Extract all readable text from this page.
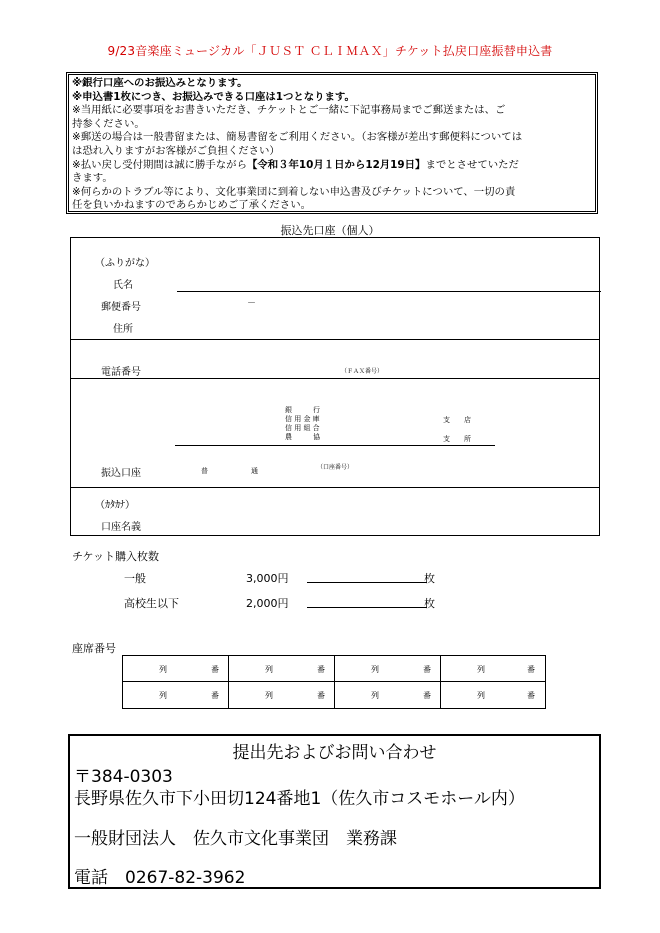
9/23音楽座ミュージカル「ＪＵＳＴ ＣＬＩＭＡＸ」チケット払戻口座振替申込書
※銀行口座へのお振込みとなります。
※申込書1枚につき、お振込みできる口座は1つとなります。
※当用紙に必要事項をお書きいただき、チケットとご一緒に下記事務局までご郵送または、ご
持参ください。
※郵送の場合は一般書留または、簡易書留をご利用ください。（お客様が差出す郵便料については
は恐れ入りますがお客様がご負担ください）
※払い戻し受付期間は誠に勝手ながら【令和３年10月１日から12月19日】までとさせていただ
きます。
※何らかのトラブル等により、文化事業団に到着しない申込書及びチケットについて、一切の責
任を負いかねますのであらかじめご了承ください。
振込先口座（個人）
（ふりがな）
氏名
郵便番号	－
住所
電話番号	（ＦＡＸ番号）
銀　　　行
信 用 金 庫
信 用 組 合
農　　　協
支　　店
支　　所
振込口座	普	通	（口座番号）
（ｶﾀｶﾅ）
口座名義
チケット購入枚数
一般	3,000円	枚
高校生以下	2,000円	枚
座席番号
列	番	列	番	列	番	列	番
列	番	列	番	列	番	列	番
提出先およびお問い合わせ
〒384-0303
長野県佐久市下小田切124番地1（佐久市コスモホール内）
一般財団法人　佐久市文化事業団　業務課
電話　0267-82-3962
